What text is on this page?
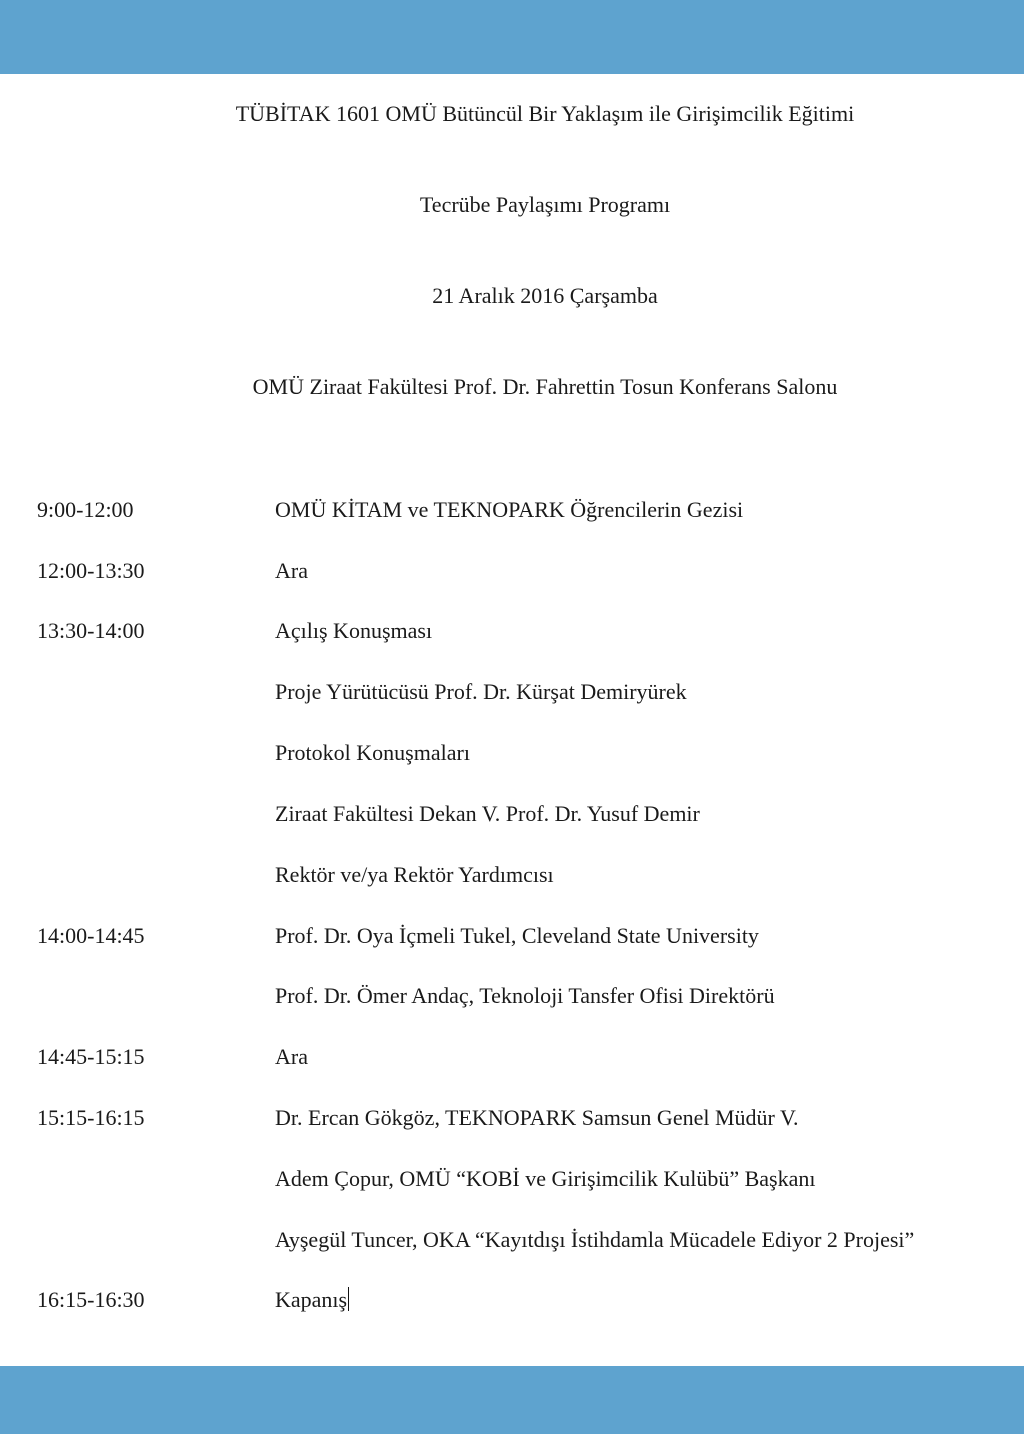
TÜBİTAK 1601 OMÜ Bütüncül Bir Yaklaşım ile Girişimcilik Eğitimi
Tecrübe Paylaşımı Programı
21 Aralık 2016 Çarşamba
OMÜ Ziraat Fakültesi Prof. Dr. Fahrettin Tosun Konferans Salonu
9:00-12:00	OMÜ KİTAM ve TEKNOPARK Öğrencilerin Gezisi
12:00-13:30	Ara
13:30-14:00	Açılış Konuşması
Proje Yürütücüsü Prof. Dr. Kürşat Demiryürek
Protokol Konuşmaları
Ziraat Fakültesi Dekan V. Prof. Dr. Yusuf Demir
Rektör ve/ya Rektör Yardımcısı
14:00-14:45	Prof. Dr. Oya İçmeli Tukel, Cleveland State University
Prof. Dr. Ömer Andaç, Teknoloji Tansfer Ofisi Direktörü
14:45-15:15	Ara
15:15-16:15	Dr. Ercan Gökgöz, TEKNOPARK Samsun Genel Müdür V.
Adem Çopur, OMÜ “KOBİ ve Girişimcilik Kulübü” Başkanı
Ayşegül Tuncer, OKA “Kayıtdışı İstihdamla Mücadele Ediyor 2 Projesi”
16:15-16:30	Kapanış
